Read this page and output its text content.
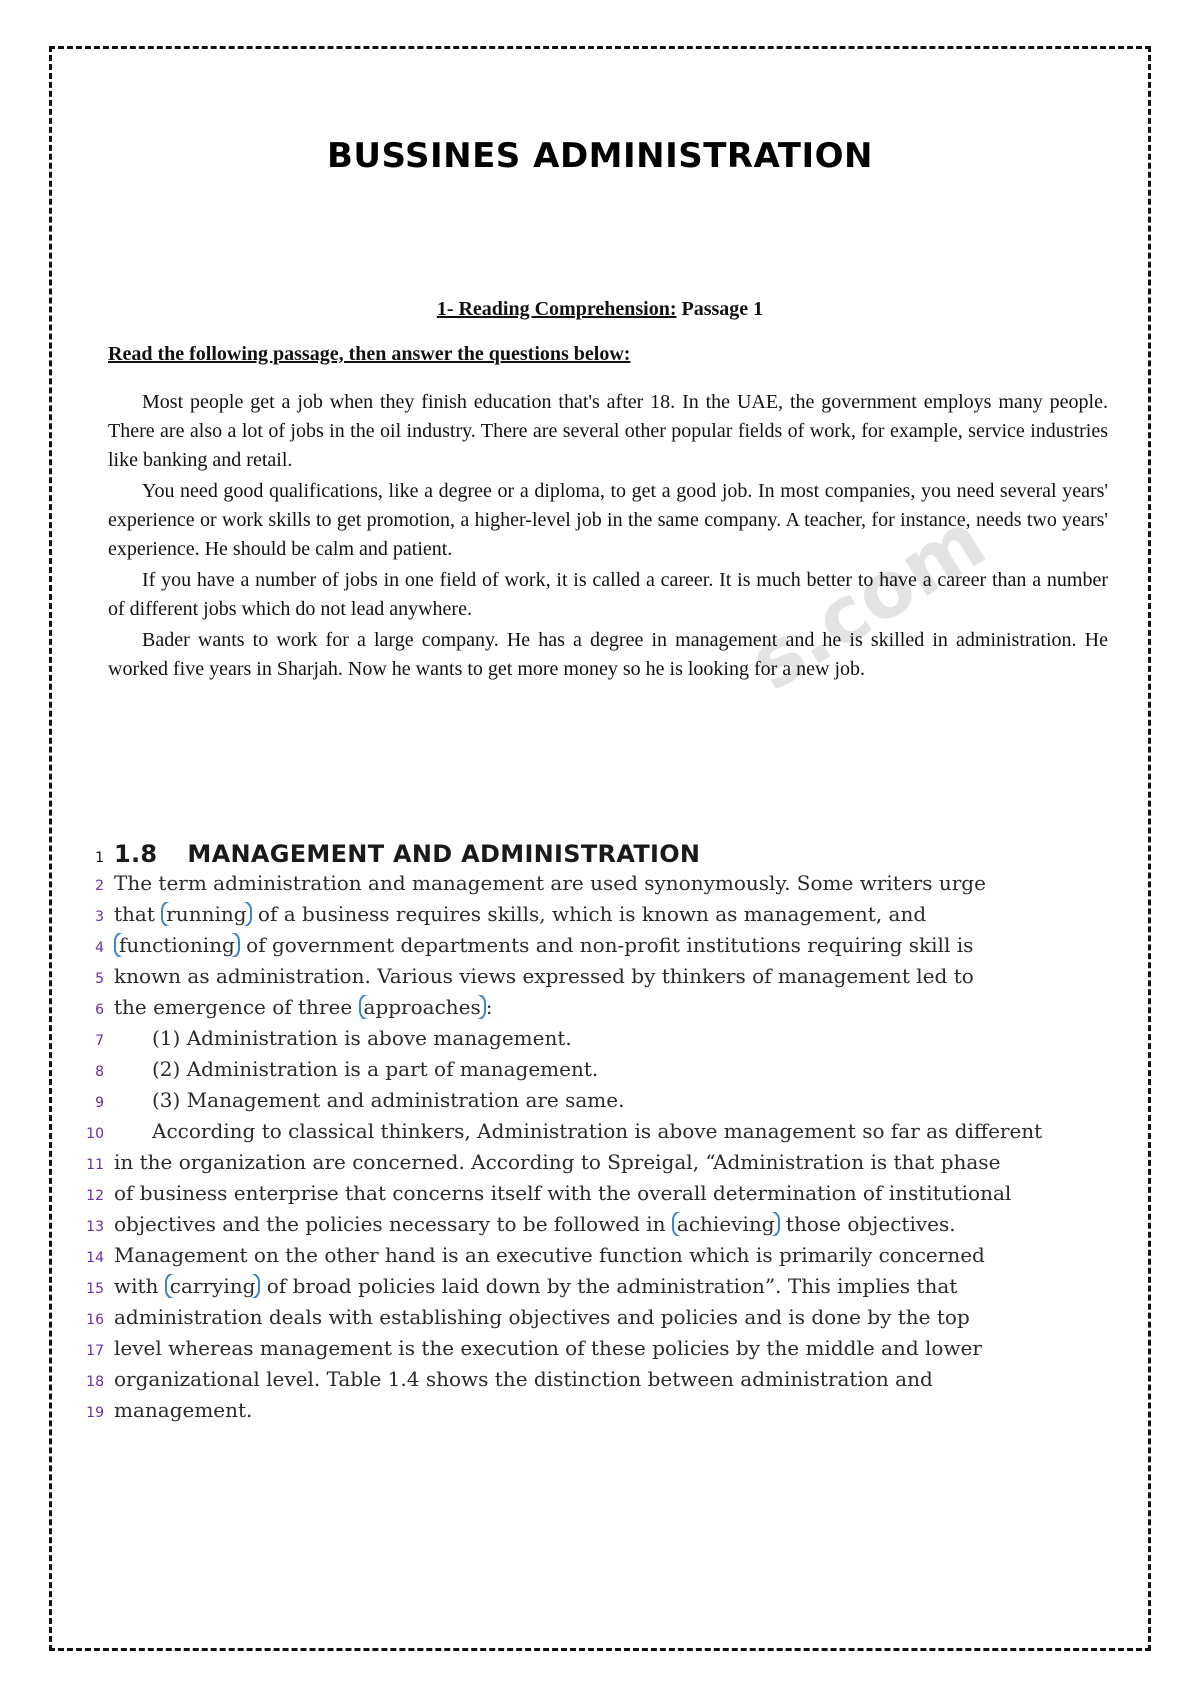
BUSSINES ADMINISTRATION
1- Reading Comprehension: Passage 1
Read the following passage, then answer the questions below:

Most people get a job when they finish education that's after 18. In the UAE, the government employs many people. There are also a lot of jobs in the oil industry. There are several other popular fields of work, for example, service industries like banking and retail.

You need good qualifications, like a degree or a diploma, to get a good job. In most companies, you need several years' experience or work skills to get promotion, a higher-level job in the same company. A teacher, for instance, needs two years' experience. He should be calm and patient.

If you have a number of jobs in one field of work, it is called a career. It is much better to have a career than a number of different jobs which do not lead anywhere.

Bader wants to work for a large company. He has a degree in management and he is skilled in administration. He worked five years in Sharjah. Now he wants to get more money so he is looking for a new job.

s.com
1 1.8 MANAGEMENT AND ADMINISTRATION
2 The term administration and management are used synonymously. Some writers urge
3 that running of a business requires skills, which is known as management, and
4 functioning of government departments and non-profit institutions requiring skill is
5 known as administration. Various views expressed by thinkers of management led to
6 the emergence of three approaches :
7	(1) Administration is above management.
8	(2) Administration is a part of management.
9	(3) Management and administration are same.
10	According to classical thinkers, Administration is above management so far as different
11 in the organization are concerned. According to Spreigal, “Administration is that phase
12 of business enterprise that concerns itself with the overall determination of institutional
13 objectives and the policies necessary to be followed in achieving those objectives.
14 Management on the other hand is an executive function which is primarily concerned
15 with carrying of broad policies laid down by the administration”. This implies that
16 administration deals with establishing objectives and policies and is done by the top
17 level whereas management is the execution of these policies by the middle and lower
18 organizational level. Table 1.4 shows the distinction between administration and
19 management.
